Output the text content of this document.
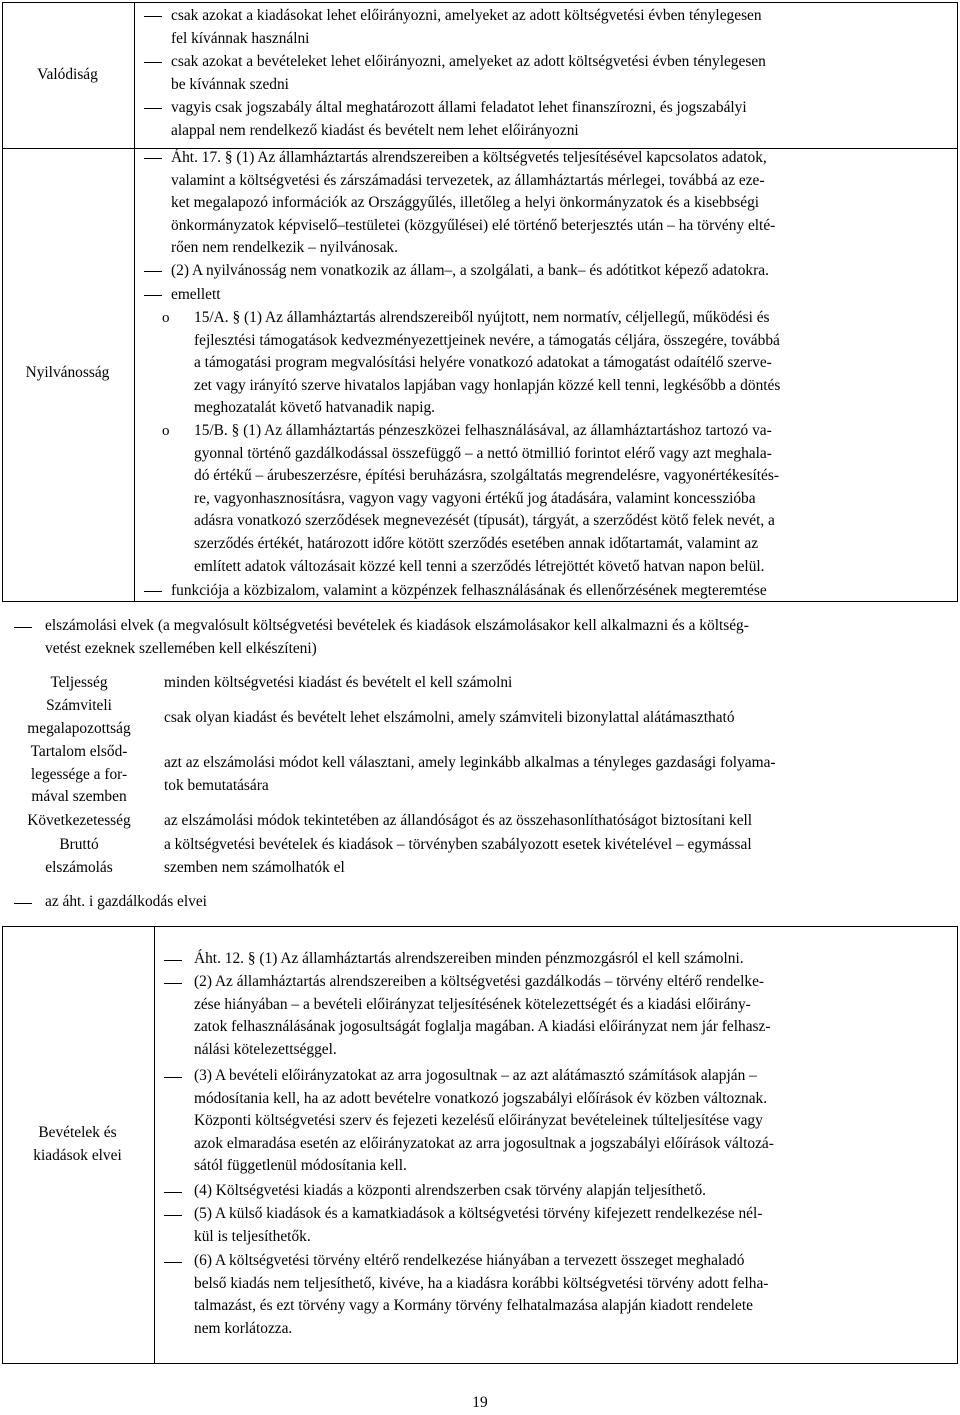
Valódiság
Nyilvánosság
csak azokat a kiadásokat lehet előirányozni, amelyeket az adott költségvetési évben ténylegesen
fel kívánnak használni
csak azokat a bevételeket lehet előirányozni, amelyeket az adott költségvetési évben ténylegesen
be kívánnak szedni
vagyis csak jogszabály által meghatározott állami feladatot lehet finanszírozni, és jogszabályi
alappal nem rendelkező kiadást és bevételt nem lehet előirányozni
Áht. 17. § (1) Az államháztartás alrendszereiben a költségvetés teljesítésével kapcsolatos adatok,
valamint a költségvetési és zárszámadási tervezetek, az államháztartás mérlegei, továbbá az eze-
ket megalapozó információk az Országgyűlés, illetőleg a helyi önkormányzatok és a kisebbségi
önkormányzatok képviselő–testületei (közgyűlései) elé történő beterjesztés után – ha törvény elté-
rően nem rendelkezik – nyilvánosak.
(2) A nyilvánosság nem vonatkozik az állam–, a szolgálati, a bank– és adótitkot képező adatokra.
emellett
o 15/A. § (1) Az államháztartás alrendszereiből nyújtott, nem normatív, céljellegű, működési és
fejlesztési támogatások kedvezményezettjeinek nevére, a támogatás céljára, összegére, továbbá
a támogatási program megvalósítási helyére vonatkozó adatokat a támogatást odaítélő szerve-
zet vagy irányító szerve hivatalos lapjában vagy honlapján közzé kell tenni, legkésőbb a döntés
meghozatalát követő hatvanadik napig.
o 15/B. § (1) Az államháztartás pénzeszközei felhasználásával, az államháztartáshoz tartozó va-
gyonnal történő gazdálkodással összefüggő – a nettó ötmillió forintot elérő vagy azt meghala-
dó értékű – árubeszerzésre, építési beruházásra, szolgáltatás megrendelésre, vagyonértékesítés-
re, vagyonhasznosításra, vagyon vagy vagyoni értékű jog átadására, valamint koncesszióba
adásra vonatkozó szerződések megnevezését (típusát), tárgyát, a szerződést kötő felek nevét, a
szerződés értékét, határozott időre kötött szerződés esetében annak időtartamát, valamint az
említett adatok változásait közzé kell tenni a szerződés létrejöttét követő hatvan napon belül.
funkciója a közbizalom, valamint a közpénzek felhasználásának és ellenőrzésének megteremtése
elszámolási elvek (a megvalósult költségvetési bevételek és kiadások elszámolásakor kell alkalmazni és a költség-
vetést ezeknek szellemében kell elkészíteni)
Teljesség	minden költségvetési kiadást és bevételt el kell számolni
Számviteli
megalapozottság
csak olyan kiadást és bevételt lehet elszámolni, amely számviteli bizonylattal alátámasztható
Tartalom elsőd-
legessége a for-
mával szemben
azt az elszámolási módot kell választani, amely leginkább alkalmas a tényleges gazdasági folyama-
tok bemutatására
Következetesség	az elszámolási módok tekintetében az állandóságot és az összehasonlíthatóságot biztosítani kell
Bruttó
elszámolás
a költségvetési bevételek és kiadások – törvényben szabályozott esetek kivételével – egymással
szemben nem számolhatók el
az áht. i gazdálkodás elvei
Bevételek és
kiadások elvei
Áht. 12. § (1) Az államháztartás alrendszereiben minden pénzmozgásról el kell számolni.
(2) Az államháztartás alrendszereiben a költségvetési gazdálkodás – törvény eltérő rendelke-
zése hiányában – a bevételi előirányzat teljesítésének kötelezettségét és a kiadási előirány-
zatok felhasználásának jogosultságát foglalja magában. A kiadási előirányzat nem jár felhasz-
nálási kötelezettséggel.
(3) A bevételi előirányzatokat az arra jogosultnak – az azt alátámasztó számítások alapján –
módosítania kell, ha az adott bevételre vonatkozó jogszabályi előírások év közben változnak.
Központi költségvetési szerv és fejezeti kezelésű előirányzat bevételeinek túlteljesítése vagy
azok elmaradása esetén az előirányzatokat az arra jogosultnak a jogszabályi előírások változá-
sától függetlenül módosítania kell.
(4) Költségvetési kiadás a központi alrendszerben csak törvény alapján teljesíthető.
(5) A külső kiadások és a kamatkiadások a költségvetési törvény kifejezett rendelkezése nél-
kül is teljesíthetők.
(6) A költségvetési törvény eltérő rendelkezése hiányában a tervezett összeget meghaladó
belső kiadás nem teljesíthető, kivéve, ha a kiadásra korábbi költségvetési törvény adott felha-
talmazást, és ezt törvény vagy a Kormány törvény felhatalmazása alapján kiadott rendelete
nem korlátozza.
19
